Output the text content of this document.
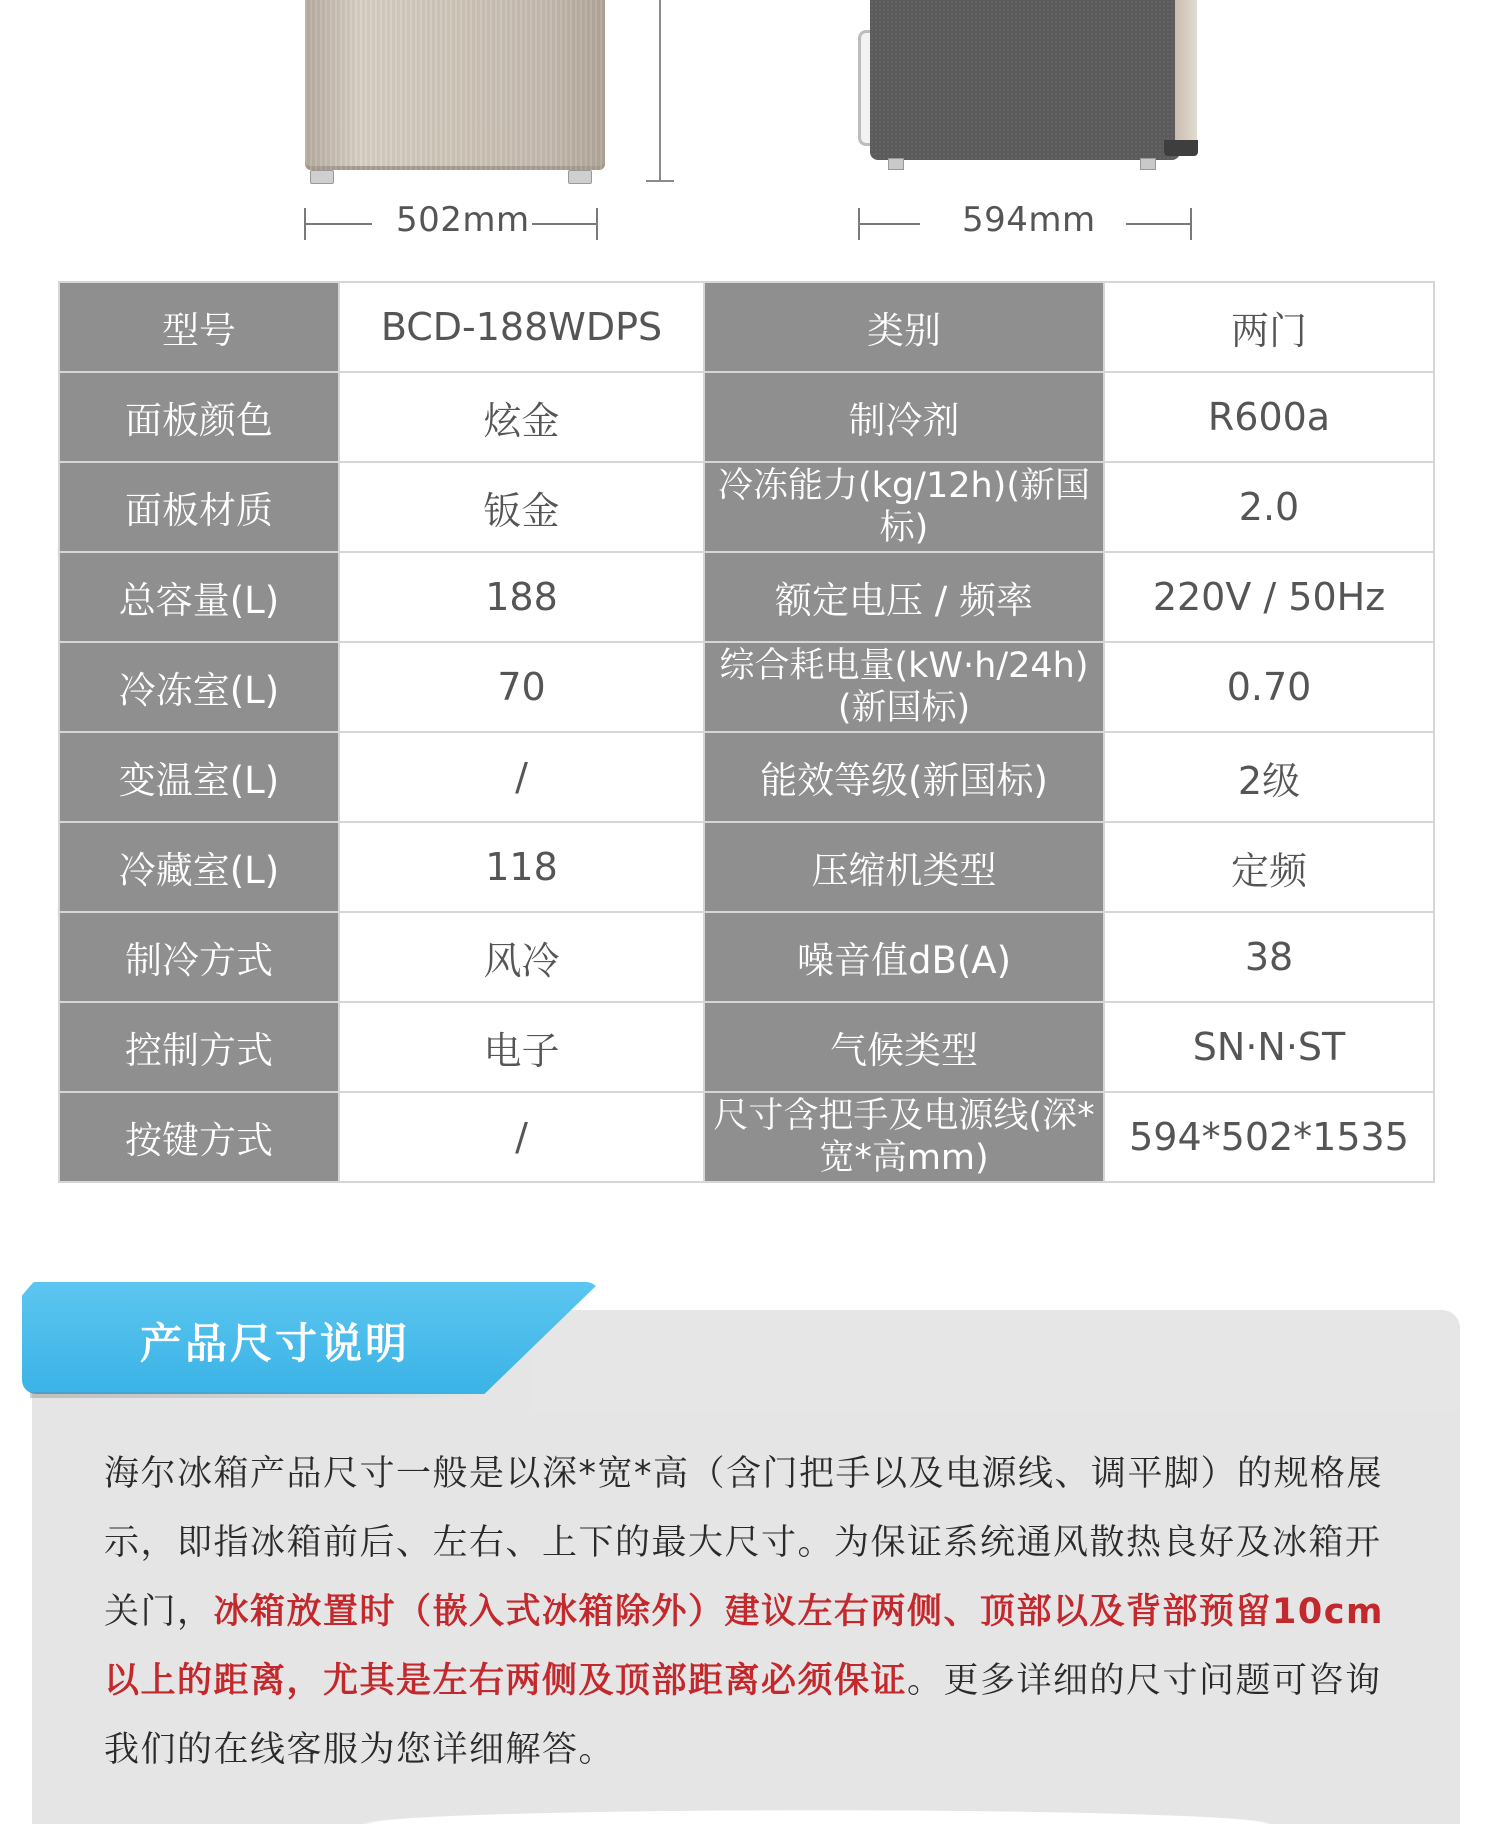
502mm	594mm
型号	BCD-188WDPS	类别	两门
面板颜色	炫金	制冷剂	R600a
面板材质	钣金	冷冻能力(kg/12h)(新国标)	2.0
总容量(L)	188	额定电压 / 频率	220V / 50Hz
冷冻室(L)	70	综合耗电量(kW·h/24h)(新国标)	0.70
变温室(L)	/	能效等级(新国标)	2级
冷藏室(L)	118	压缩机类型	定频
制冷方式	风冷	噪音值dB(A)	38
控制方式	电子	气候类型	SN·N·ST
按键方式	/	尺寸含把手及电源线(深*宽*高mm)	594*502*1535
产品尺寸说明
海尔冰箱产品尺寸一般是以深*宽*高（含门把手以及电源线、调平脚）的规格展示，即指冰箱前后、左右、上下的最大尺寸。为保证系统通风散热良好及冰箱开关门，冰箱放置时（嵌入式冰箱除外）建议左右两侧、顶部以及背部预留10cm以上的距离，尤其是左右两侧及顶部距离必须保证。更多详细的尺寸问题可咨询我们的在线客服为您详细解答。
